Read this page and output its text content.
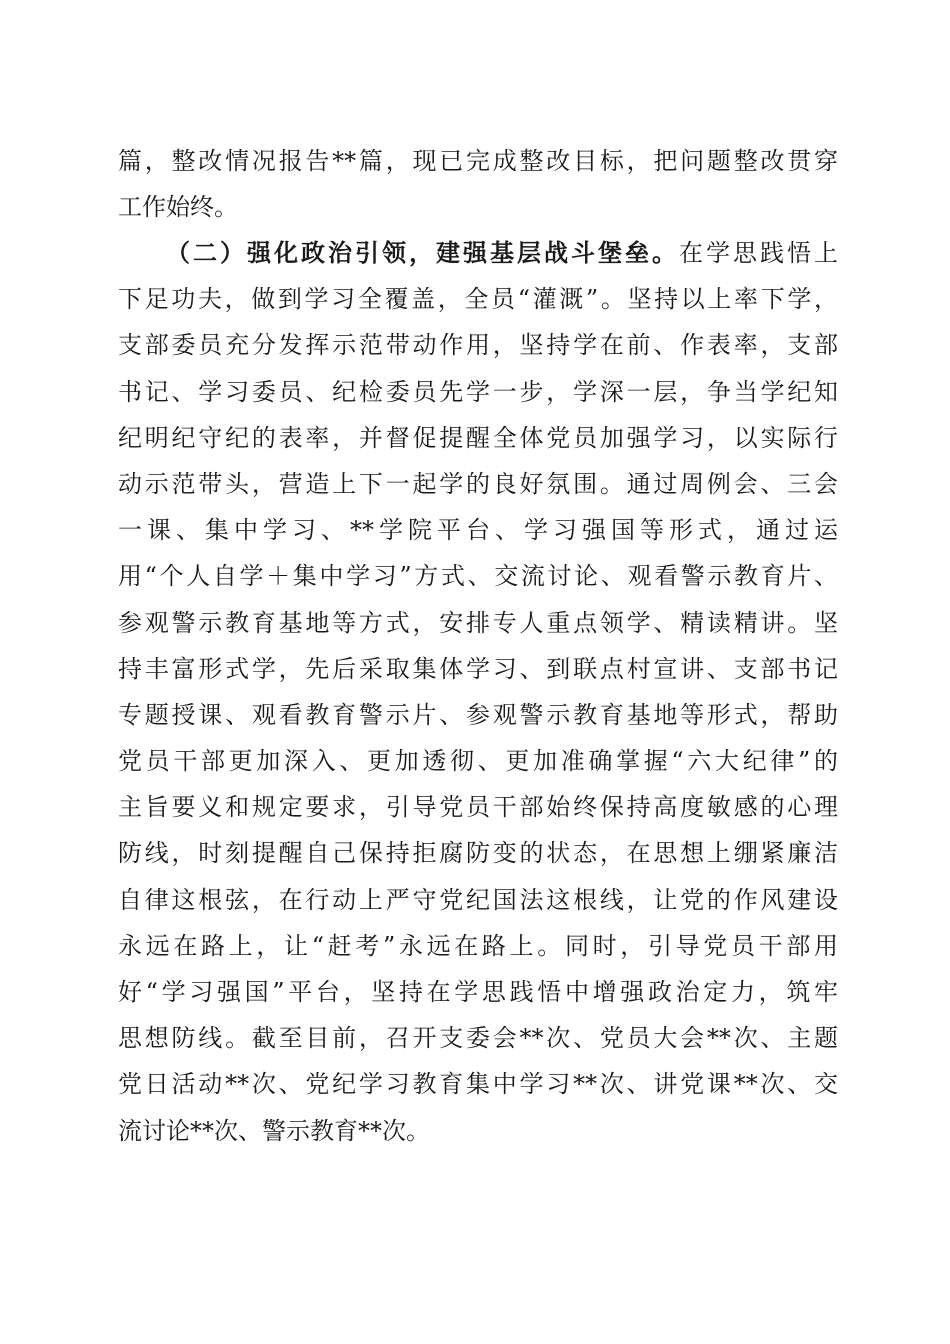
篇，整改情况报告**篇，现已完成整改目标，把问题整改贯穿
工作始终。
（二）强化政治引领，建强基层战斗堡垒。在学思践悟上
下足功夫，做到学习全覆盖，全员“灌溉”。坚持以上率下学，
支部委员充分发挥示范带动作用，坚持学在前、作表率，支部
书记、学习委员、纪检委员先学一步，学深一层，争当学纪知
纪明纪守纪的表率，并督促提醒全体党员加强学习，以实际行
动示范带头，营造上下一起学的良好氛围。通过周例会、三会
一课、集中学习、**学院平台、学习强国等形式，通过运
用“个人自学＋集中学习”方式、交流讨论、观看警示教育片、
参观警示教育基地等方式，安排专人重点领学、精读精讲。坚
持丰富形式学，先后采取集体学习、到联点村宣讲、支部书记
专题授课、观看教育警示片、参观警示教育基地等形式，帮助
党员干部更加深入、更加透彻、更加准确掌握“六大纪律”的
主旨要义和规定要求，引导党员干部始终保持高度敏感的心理
防线，时刻提醒自己保持拒腐防变的状态，在思想上绷紧廉洁
自律这根弦，在行动上严守党纪国法这根线，让党的作风建设
永远在路上，让“赶考”永远在路上。同时，引导党员干部用
好“学习强国”平台，坚持在学思践悟中增强政治定力，筑牢
思想防线。截至目前，召开支委会**次、党员大会**次、主题
党日活动**次、党纪学习教育集中学习**次、讲党课**次、交
流讨论**次、警示教育**次。
